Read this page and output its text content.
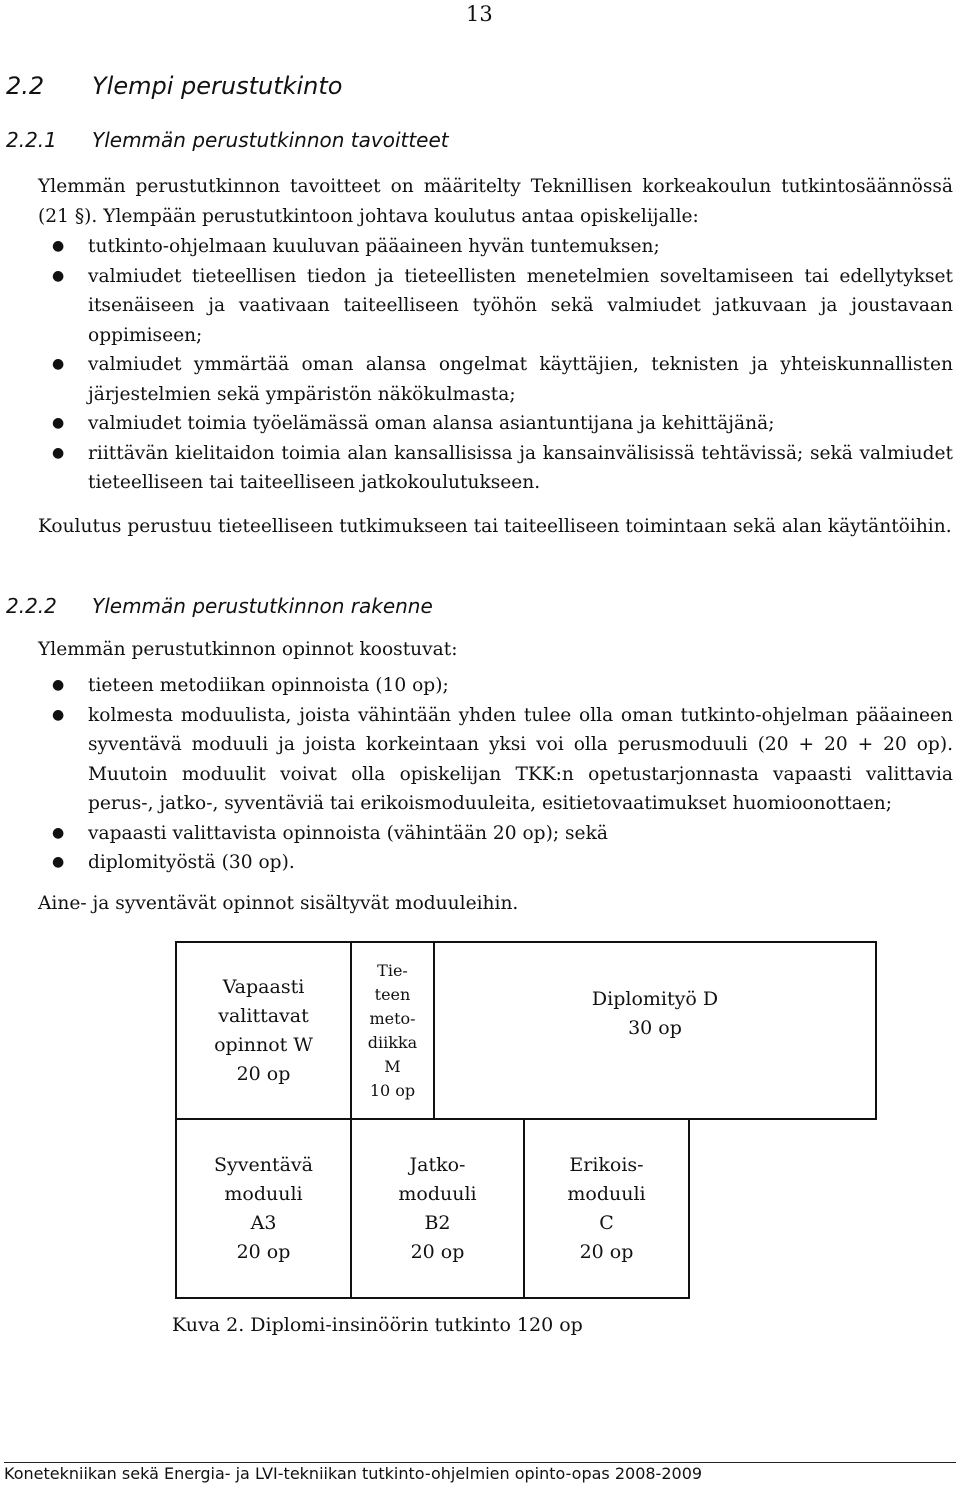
13
2.2 Ylempi perustutkinto
2.2.1 Ylemmän perustutkinnon tavoitteet

Ylemmän perustutkinnon tavoitteet on määritelty Teknillisen korkeakoulun tutkintosäännössä (21 §). Ylempään perustutkintoon johtava koulutus antaa opiskelijalle:

● tutkinto-ohjelmaan kuuluvan pääaineen hyvän tuntemuksen;
● valmiudet tieteellisen tiedon ja tieteellisten menetelmien soveltamiseen tai edellytykset itsenäiseen ja vaativaan taiteelliseen työhön sekä valmiudet jatkuvaan ja joustavaan oppimiseen;
● valmiudet ymmärtää oman alansa ongelmat käyttäjien, teknisten ja yhteiskunnallisten järjestelmien sekä ympäristön näkökulmasta;
● valmiudet toimia työelämässä oman alansa asiantuntijana ja kehittäjänä;
● riittävän kielitaidon toimia alan kansallisissa ja kansainvälisissä tehtävissä; sekä valmiudet tieteelliseen tai taiteelliseen jatkokoulutukseen.

Koulutus perustuu tieteelliseen tutkimukseen tai taiteelliseen toimintaan sekä alan käytäntöihin.

2.2.2 Ylemmän perustutkinnon rakenne

Ylemmän perustutkinnon opinnot koostuvat:

● tieteen metodiikan opinnoista (10 op);
● kolmesta moduulista, joista vähintään yhden tulee olla oman tutkinto-ohjelman pääaineen syventävä moduuli ja joista korkeintaan yksi voi olla perusmoduuli (20 + 20 + 20 op). Muutoin moduulit voivat olla opiskelijan TKK:n opetustarjonnasta vapaasti valittavia perus-, jatko-, syventäviä tai erikoismoduuleita, esitietovaatimukset huomioonottaen;
● vapaasti valittavista opinnoista (vähintään 20 op); sekä
● diplomityöstä (30 op).

Aine- ja syventävät opinnot sisältyvät moduuleihin.

Vapaasti valittavat opinnot W
20 op
Tie- teen meto- diikka M
10 op
Diplomityö D
30 op
Syventävä moduuli A3
20 op
Jatko- moduuli B2
20 op
Erikois- moduuli C
20 op

Kuva 2. Diplomi-insinöörin tutkinto 120 op

Konetekniikan sekä Energia- ja LVI-tekniikan tutkinto-ohjelmien opinto-opas 2008-2009
